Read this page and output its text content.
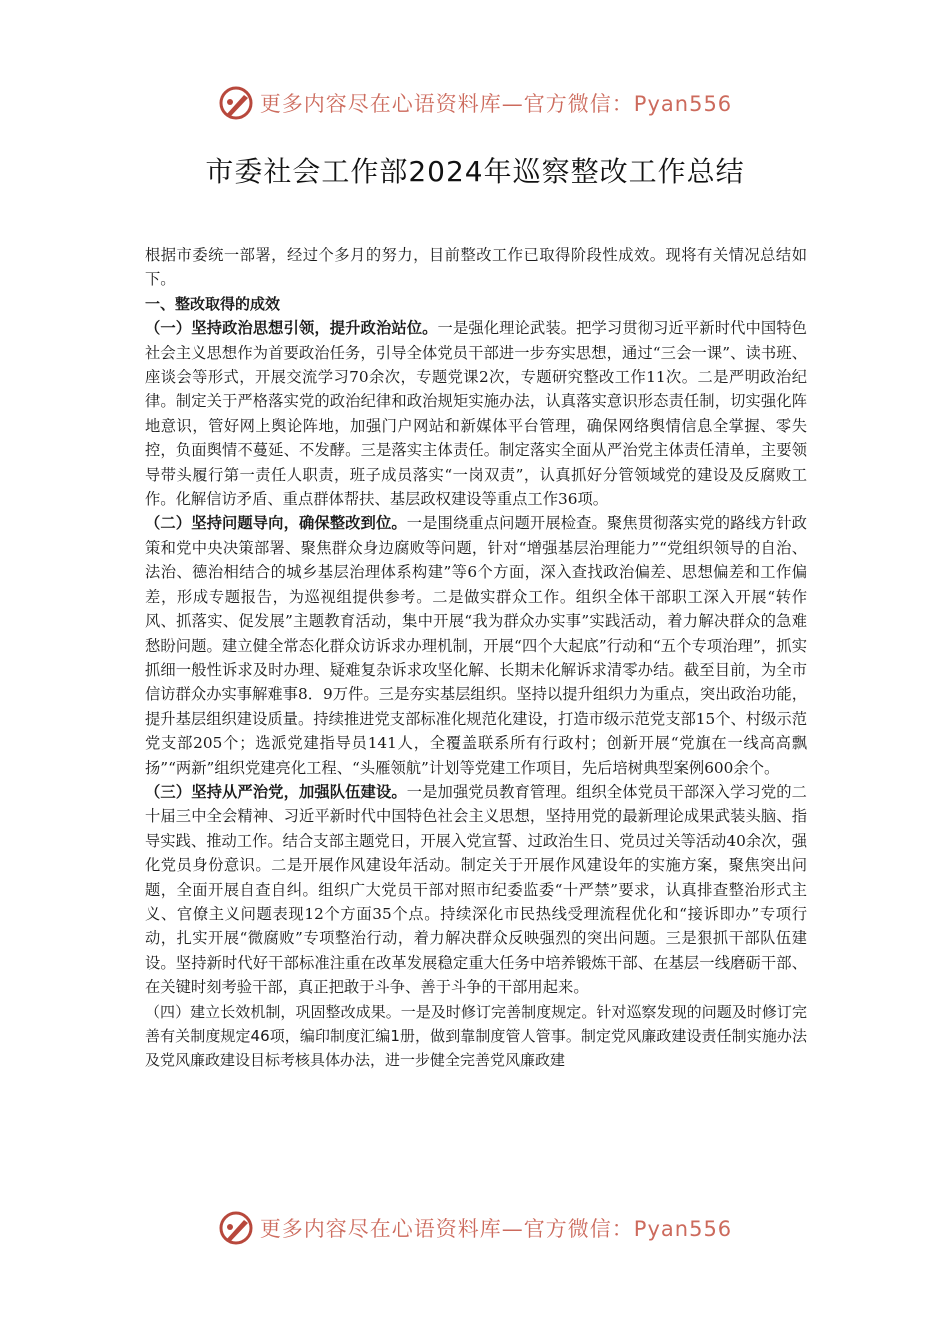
更多内容尽在心语资料库—官方微信：Pyan556
市委社会工作部2024年巡察整改工作总结

根据市委统一部署，经过个多月的努力，目前整改工作已取得阶段性成效。现将有关情况总结如下。

一、整改取得的成效

（一）坚持政治思想引领，提升政治站位。一是强化理论武装。把学习贯彻习近平新时代中国特色社会主义思想作为首要政治任务，引导全体党员干部进一步夯实思想，通过“三会一课”、读书班、座谈会等形式，开展交流学习70余次，专题党课2次，专题研究整改工作11次。二是严明政治纪律。制定关于严格落实党的政治纪律和政治规矩实施办法，认真落实意识形态责任制，切实强化阵地意识，管好网上舆论阵地，加强门户网站和新媒体平台管理，确保网络舆情信息全掌握、零失控，负面舆情不蔓延、不发酵。三是落实主体责任。制定落实全面从严治党主体责任清单，主要领导带头履行第一责任人职责，班子成员落实“一岗双责”，认真抓好分管领域党的建设及反腐败工作。化解信访矛盾、重点群体帮扶、基层政权建设等重点工作36项。

（二）坚持问题导向，确保整改到位。一是围绕重点问题开展检查。聚焦贯彻落实党的路线方针政策和党中央决策部署、聚焦群众身边腐败等问题，针对“增强基层治理能力”“党组织领导的自治、法治、德治相结合的城乡基层治理体系构建”等6个方面，深入查找政治偏差、思想偏差和工作偏差，形成专题报告，为巡视组提供参考。二是做实群众工作。组织全体干部职工深入开展“转作风、抓落实、促发展”主题教育活动，集中开展“我为群众办实事”实践活动，着力解决群众的急难愁盼问题。建立健全常态化群众访诉求办理机制，开展“四个大起底”行动和“五个专项治理”，抓实抓细一般性诉求及时办理、疑难复杂诉求攻坚化解、长期未化解诉求清零办结。截至目前，为全市信访群众办实事解难事8．9万件。三是夯实基层组织。坚持以提升组织力为重点，突出政治功能，提升基层组织建设质量。持续推进党支部标准化规范化建设，打造市级示范党支部15个、村级示范党支部205个；选派党建指导员141人，全覆盖联系所有行政村；创新开展“党旗在一线高高飘扬”“两新”组织党建亮化工程、“头雁领航”计划等党建工作项目，先后培树典型案例600余个。

（三）坚持从严治党，加强队伍建设。一是加强党员教育管理。组织全体党员干部深入学习党的二十届三中全会精神、习近平新时代中国特色社会主义思想，坚持用党的最新理论成果武装头脑、指导实践、推动工作。结合支部主题党日，开展入党宣誓、过政治生日、党员过关等活动40余次，强化党员身份意识。二是开展作风建设年活动。制定关于开展作风建设年的实施方案，聚焦突出问题，全面开展自查自纠。组织广大党员干部对照市纪委监委“十严禁”要求，认真排查整治形式主义、官僚主义问题表现12个方面35个点。持续深化市民热线受理流程优化和“接诉即办”专项行动，扎实开展“微腐败”专项整治行动，着力解决群众反映强烈的突出问题。三是狠抓干部队伍建设。坚持新时代好干部标准注重在改革发展稳定重大任务中培养锻炼干部、在基层一线磨砺干部、在关键时刻考验干部，真正把敢于斗争、善于斗争的干部用起来。

（四）建立长效机制，巩固整改成果。一是及时修订完善制度规定。针对巡察发现的问题及时修订完善有关制度规定46项，编印制度汇编1册，做到靠制度管人管事。制定党风廉政建设责任制实施办法及党风廉政建设目标考核具体办法，进一步健全完善党风廉政建

更多内容尽在心语资料库—官方微信：Pyan556
